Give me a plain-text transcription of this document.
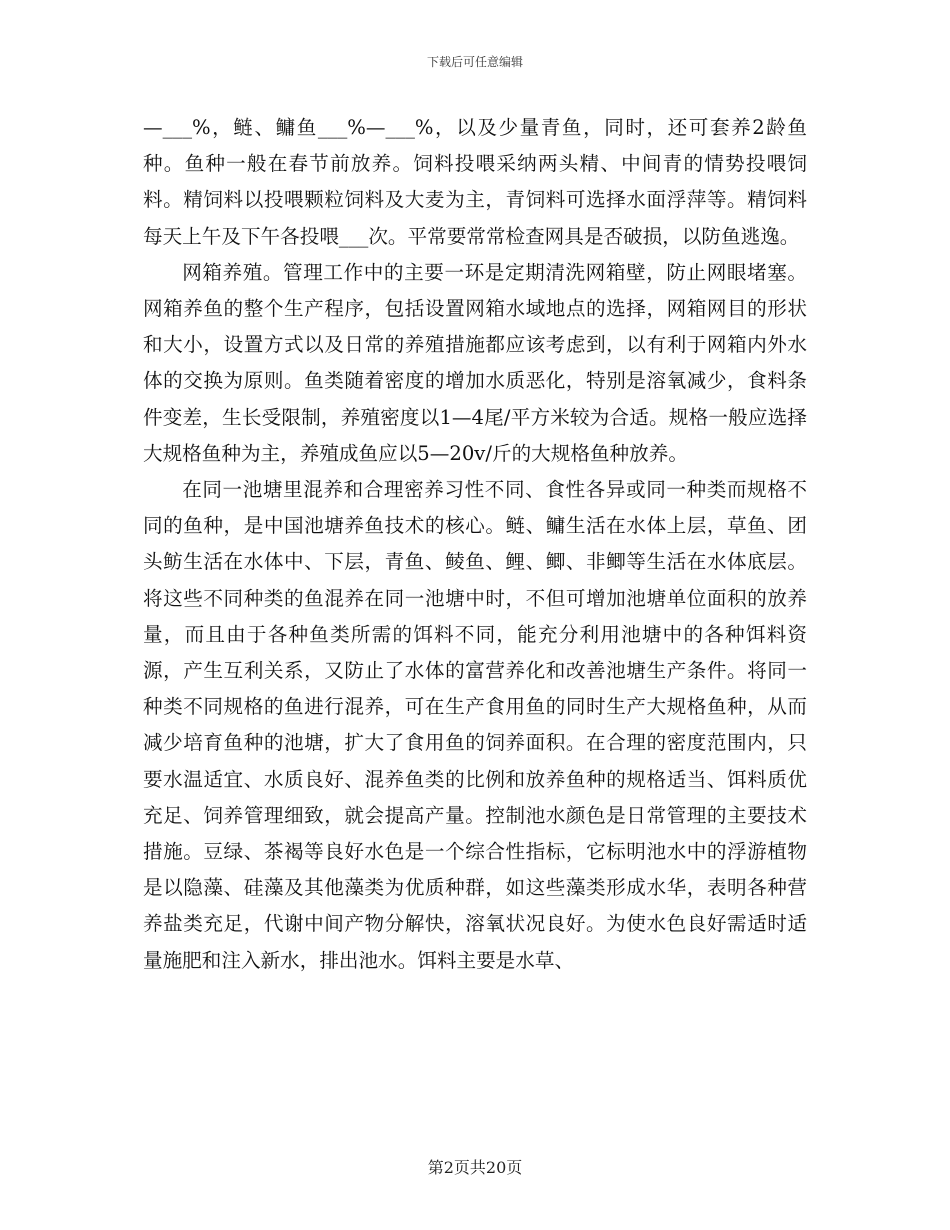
下载后可任意编辑

—___%，鲢、鳙鱼___%—___%，以及少量青鱼，同时，还可套养2龄鱼种。鱼种一般在春节前放养。饲料投喂采纳两头精、中间青的情势投喂饲料。精饲料以投喂颗粒饲料及大麦为主，青饲料可选择水面浮萍等。精饲料每天上午及下午各投喂___次。平常要常常检查网具是否破损，以防鱼逃逸。

网箱养殖。管理工作中的主要一环是定期清洗网箱壁，防止网眼堵塞。网箱养鱼的整个生产程序，包括设置网箱水域地点的选择，网箱网目的形状和大小，设置方式以及日常的养殖措施都应该考虑到，以有利于网箱内外水体的交换为原则。鱼类随着密度的增加水质恶化，特别是溶氧减少，食料条件变差，生长受限制，养殖密度以1—4尾/平方米较为合适。规格一般应选择大规格鱼种为主，养殖成鱼应以5—20v/斤的大规格鱼种放养。

在同一池塘里混养和合理密养习性不同、食性各异或同一种类而规格不同的鱼种，是中国池塘养鱼技术的核心。鲢、鳙生活在水体上层，草鱼、团头鲂生活在水体中、下层，青鱼、鲮鱼、鲤、鲫、非鲫等生活在水体底层。将这些不同种类的鱼混养在同一池塘中时，不但可增加池塘单位面积的放养量，而且由于各种鱼类所需的饵料不同，能充分利用池塘中的各种饵料资源，产生互利关系，又防止了水体的富营养化和改善池塘生产条件。将同一种类不同规格的鱼进行混养，可在生产食用鱼的同时生产大规格鱼种，从而减少培育鱼种的池塘，扩大了食用鱼的饲养面积。在合理的密度范围内，只要水温适宜、水质良好、混养鱼类的比例和放养鱼种的规格适当、饵料质优充足、饲养管理细致，就会提高产量。控制池水颜色是日常管理的主要技术措施。豆绿、茶褐等良好水色是一个综合性指标，它标明池水中的浮游植物是以隐藻、硅藻及其他藻类为优质种群，如这些藻类形成水华，表明各种营养盐类充足，代谢中间产物分解快，溶氧状况良好。为使水色良好需适时适量施肥和注入新水，排出池水。饵料主要是水草、

第2页共20页
